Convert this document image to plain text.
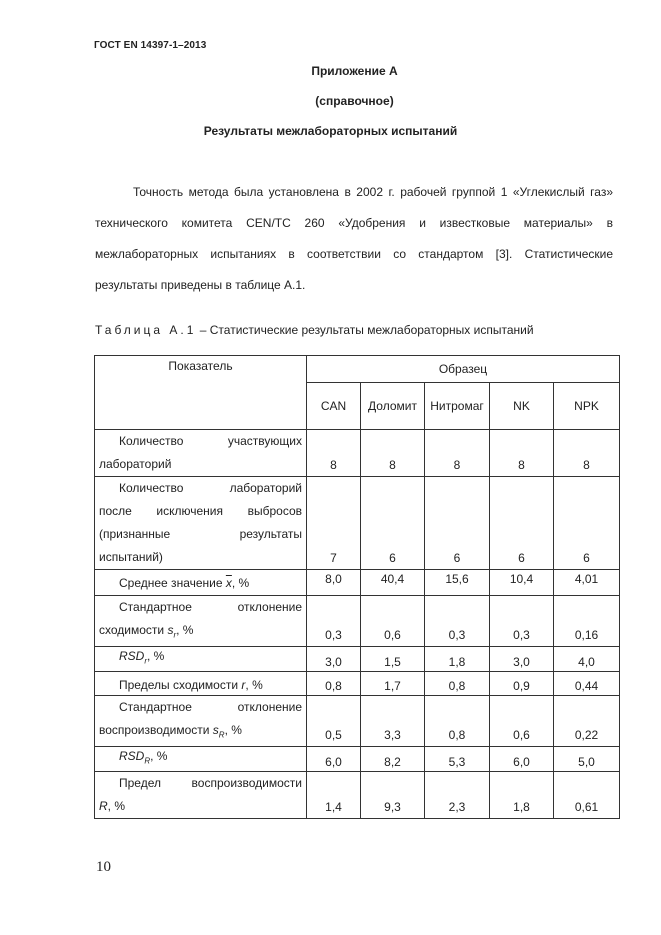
ГОСТ EN 14397-1–2013
Приложение А
(справочное)
Результаты межлабораторных испытаний
Точность метода была установлена в 2002 г. рабочей группой 1 «Углекислый газ» технического комитета CEN/TC 260 «Удобрения и известковые материалы» в межлабораторных испытаниях в соответствии со стандартом [3]. Статистические результаты приведены в таблице А.1.
Таблица А.1 – Статистические результаты межлабораторных испытаний
Показатель	Образец				
	CAN	Доломит	Нитромаг	NK	NPK

Количество участвующих
лабораторий	8	8	8	8	8

Количество лабораторий
после исключения выбросов
(признанные результаты
испытаний)	7	6	6	6	6
Среднее значение $\overline{x}$, %	8,0	40,4	15,6	10,4	4,01

Стандартное отклонение
сходимости $s_r$, %	0,3	0,6	0,3	0,3	0,16
$RSD_r$, %	3,0	1,5	1,8	3,0	4,0
Пределы сходимости r, %	0,8	1,7	0,8	0,9	0,44

Стандартное отклонение
воспроизводимости $s_R$, %	0,5	3,3	0,8	0,6	0,22
$RSD_R$, %	6,0	8,2	5,3	6,0	5,0

Предел воспроизводимости
R, %	1,4	9,3	2,3	1,8	0,61
10
